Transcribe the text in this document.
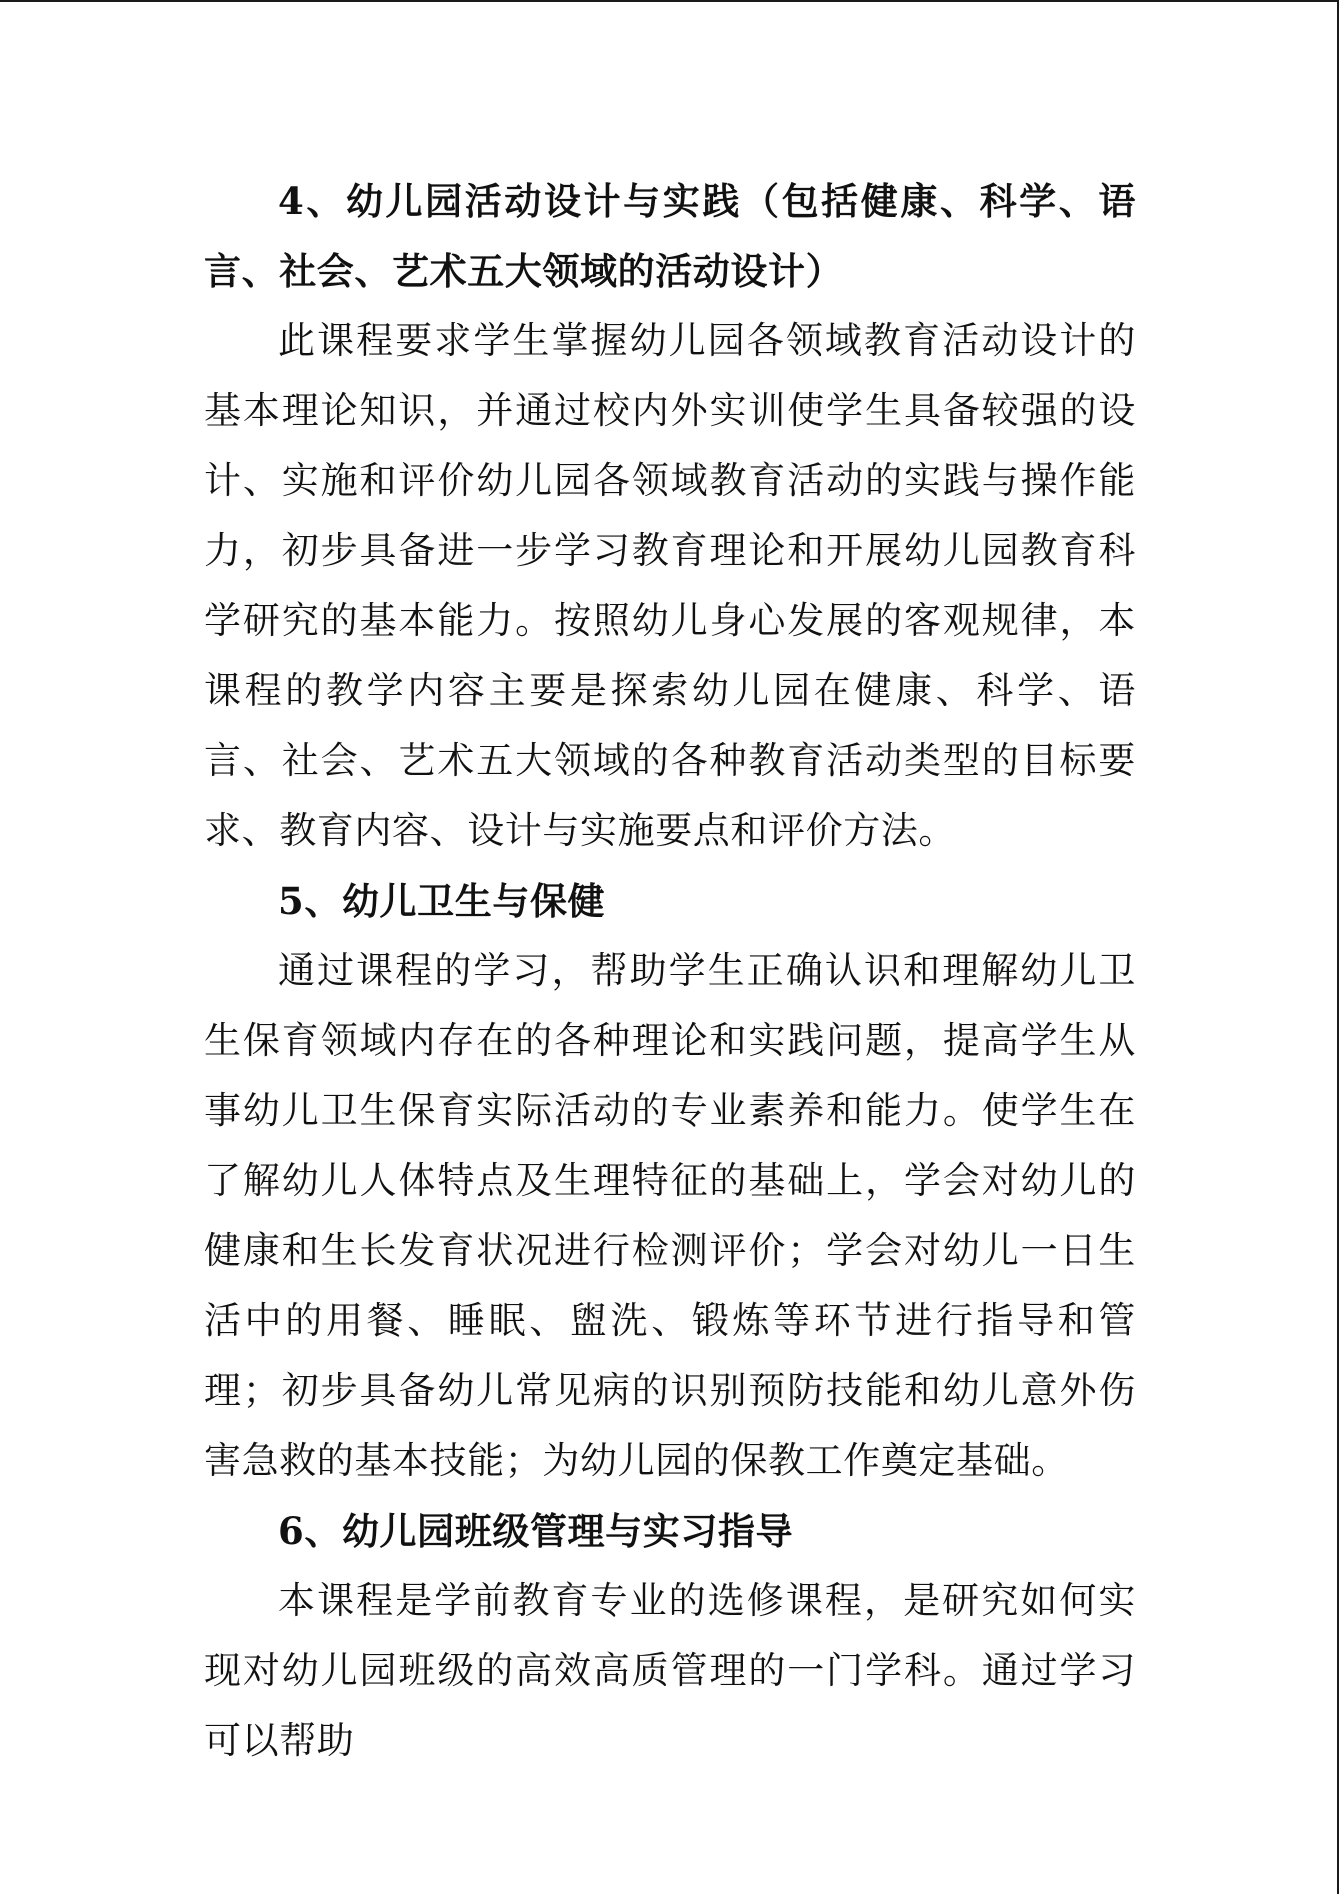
4、幼儿园活动设计与实践（包括健康、科学、语言、社会、艺术五大领域的活动设计）

此课程要求学生掌握幼儿园各领域教育活动设计的基本理论知识，并通过校内外实训使学生具备较强的设计、实施和评价幼儿园各领域教育活动的实践与操作能力，初步具备进一步学习教育理论和开展幼儿园教育科学研究的基本能力。按照幼儿身心发展的客观规律，本课程的教学内容主要是探索幼儿园在健康、科学、语言、社会、艺术五大领域的各种教育活动类型的目标要求、教育内容、设计与实施要点和评价方法。

5、幼儿卫生与保健

通过课程的学习，帮助学生正确认识和理解幼儿卫生保育领域内存在的各种理论和实践问题，提高学生从事幼儿卫生保育实际活动的专业素养和能力。使学生在了解幼儿人体特点及生理特征的基础上，学会对幼儿的健康和生长发育状况进行检测评价；学会对幼儿一日生活中的用餐、睡眠、盥洗、锻炼等环节进行指导和管理；初步具备幼儿常见病的识别预防技能和幼儿意外伤害急救的基本技能；为幼儿园的保教工作奠定基础。

6、幼儿园班级管理与实习指导

本课程是学前教育专业的选修课程，是研究如何实现对幼儿园班级的高效高质管理的一门学科。通过学习可以帮助
